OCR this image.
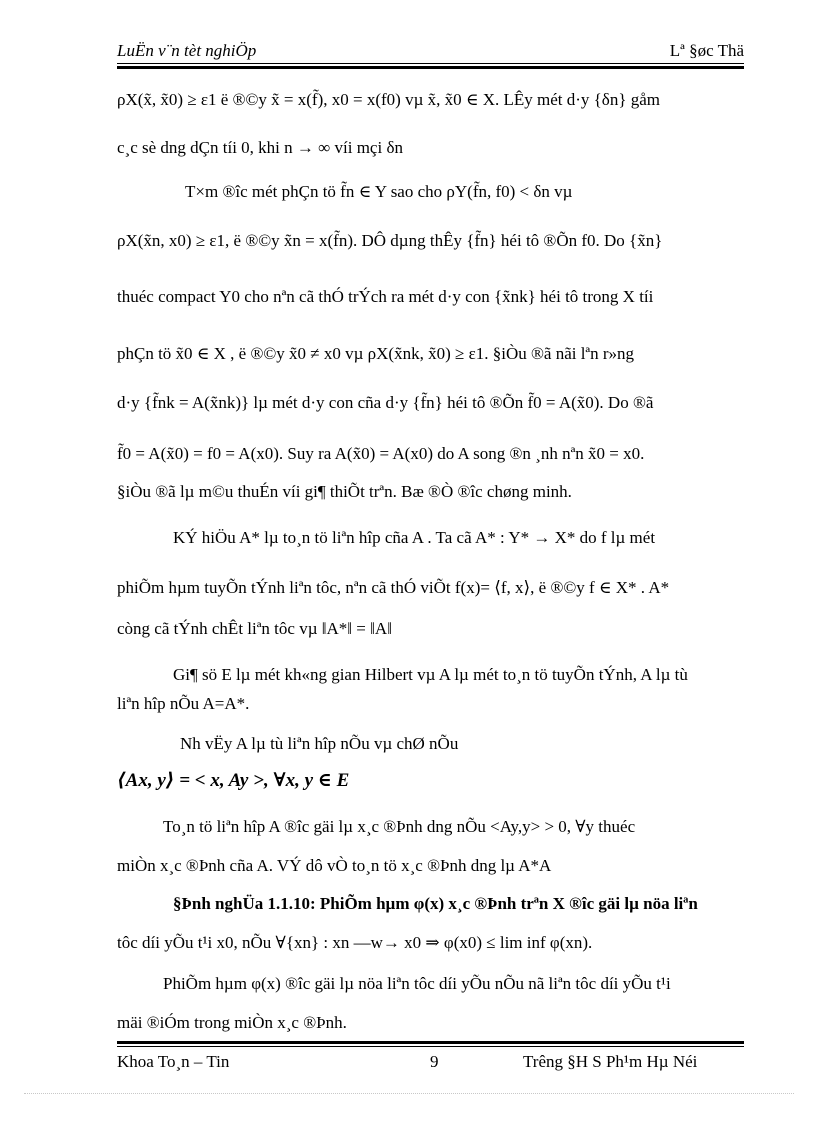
LuËn v¨n tèt nghiÖp	Lª §øc Thä
ρX(x̃, x̃0) ≥ ε1 ë ®©y x̃ = x(f̃), x0 = x(f0) vµ x̃, x̃0 ∈ X. LÊy mét d·y {δn} gåm
c¸c sè dng dÇn tíi 0, khi n → ∞ víi mçi δn
T×m ®îc mét phÇn tö f̃n ∈ Y sao cho ρY(f̃n, f0) < δn vµ
ρX(x̃n, x0) ≥ ε1, ë ®©y x̃n = x(f̃n). DÔ dµng thÊy {f̃n} héi tô ®Õn f0. Do {x̃n}
thuéc compact Y0 cho nªn cã thÓ trÝch ra mét d·y con {x̃nk} héi tô trong X tíi
phÇn tö x̃0 ∈ X , ë ®©y x̃0 ≠ x0 vµ ρX(x̃nk, x̃0) ≥ ε1. §iÒu ®ã nãi lªn r»ng
d·y {f̃nk = A(x̃nk)} lµ mét d·y con cña d·y {f̃n} héi tô ®Õn f̃0 = A(x̃0). Do ®ã
f̃0 = A(x̃0) = f0 = A(x0). Suy ra A(x̃0) = A(x0) do A song ®n ¸nh nªn x̃0 = x0.
§iÒu ®ã lµ m©u thuÉn víi gi¶ thiÕt trªn. Bæ ®Ò ®îc chøng minh.
KÝ hiÖu A* lµ to¸n tö liªn hîp cña A . Ta cã A* : Y* → X* do f lµ mét
phiÕm hµm tuyÕn tÝnh liªn tôc, nªn cã thÓ viÕt f(x)= ⟨f, x⟩, ë ®©y f ∈ X* . A*
còng cã tÝnh chÊt liªn tôc vµ ‖A*‖ = ‖A‖
Gi¶ sö E lµ mét kh«ng gian Hilbert vµ A lµ mét to¸n tö tuyÕn tÝnh, A lµ tù
liªn hîp nÕu A=A*.
Nh vËy A lµ tù liªn hîp nÕu vµ chØ nÕu
⟨Ax, y⟩ = < x, Ay >, ∀x, y ∈ E
To¸n tö liªn hîp A ®îc gäi lµ x¸c ®Þnh dng nÕu <Ay,y> > 0, ∀y thuéc
miÒn x¸c ®Þnh cña A. VÝ dô vÒ to¸n tö x¸c ®Þnh dng lµ A*A
§Þnh nghÜa 1.1.10: PhiÕm hµm φ(x) x¸c ®Þnh trªn X ®îc gäi lµ nöa liªn
tôc díi yÕu t¹i x0, nÕu ∀{xn} : xn —w→ x0 ⇒ φ(x0) ≤ lim inf φ(xn).
PhiÕm hµm φ(x) ®îc gäi lµ nöa liªn tôc díi yÕu nÕu nã liªn tôc díi yÕu t¹i
mäi ®iÓm trong miÒn x¸c ®Þnh.
Khoa To¸n – Tin	9	Trêng §H S Ph¹m Hµ Néi
